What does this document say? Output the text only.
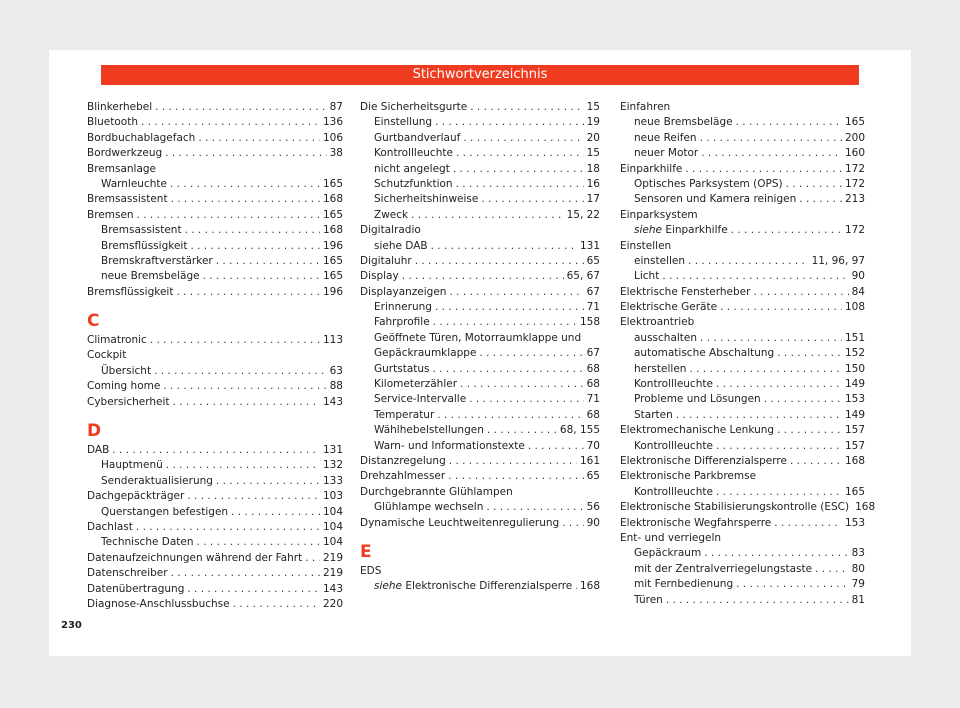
Stichwortverzeichnis
Blinkerhebel . . .	87
Bluetooth . . .	136
Bordbuchablagefach . . .	106
Bordwerkzeug . . .	38
Bremsanlage
Warnleuchte . . .	165
Bremsassistent . . .	168
Bremsen . . .	165
Bremsassistent . . .	168
Bremsflüssigkeit . . .	196
Bremskraftverstärker . . .	165
neue Bremsbeläge . . .	165
Bremsflüssigkeit . . .	196
C
Climatronic . . .	113
Cockpit
Übersicht . . .	63
Coming home . . .	88
Cybersicherheit . . .	143
D
DAB . . .	131
Hauptmenü . . .	132
Senderaktualisierung . . .	133
Dachgepäckträger . . .	103
Querstangen befestigen . . .	104
Dachlast . . .	104
Technische Daten . . .	104
Datenaufzeichnungen während der Fahrt . . . 219
Datenschreiber . . .	219
Datenübertragung . . .	143
Diagnose-Anschlussbuchse . . .	220
Die Sicherheitsgurte . . .	15
Einstellung . . .	19
Gurtbandverlauf . . .	20
Kontrollleuchte . . .	15
nicht angelegt . . .	18
Schutzfunktion . . .	16
Sicherheitshinweise . . .	17
Zweck . . .	15, 22
Digitalradio
siehe DAB . . .	131
Digitaluhr . . .	65
Display . . .	65, 67
Displayanzeigen . . .	67
Erinnerung . . .	71
Fahrprofile . . .	158
Geöffnete Türen, Motorraumklappe und
Gepäckraumklappe . . .	67
Gurtstatus . . .	68
Kilometerzähler . . .	68
Service-Intervalle . . .	71
Temperatur . . .	68
Wählhebelstellungen . . .	68, 155
Warn- und Informationstexte . . .	70
Distanzregelung . . .	161
Drehzahlmesser . . .	65
Durchgebrannte Glühlampen
Glühlampe wechseln . . .	56
Dynamische Leuchtweitenregulierung . . .	90
E
EDS
siehe Elektronische Differenzialsperre . . . 168
Einfahren
neue Bremsbeläge . . .	165
neue Reifen . . .	200
neuer Motor . . .	160
Einparkhilfe . . .	172
Optisches Parksystem (OPS) . . .	172
Sensoren und Kamera reinigen . . .	213
Einparksystem
siehe Einparkhilfe . . .	172
Einstellen
einstellen . . .	11, 96, 97
Licht . . .	90
Elektrische Fensterheber . . .	84
Elektrische Geräte . . .	108
Elektroantrieb
ausschalten . . .	151
automatische Abschaltung . . .	152
herstellen . . .	150
Kontrollleuchte . . .	149
Probleme und Lösungen . . .	153
Starten . . .	149
Elektromechanische Lenkung . . .	157
Kontrollleuchte . . .	157
Elektronische Differenzialsperre . . .	168
Elektronische Parkbremse
Kontrollleuchte . . .	165
Elektronische Stabilisierungskontrolle (ESC) 168
Elektronische Wegfahrsperre . . .	153
Ent- und verriegeln
Gepäckraum . . .	83
mit der Zentralverriegelungstaste . . .	80
mit Fernbedienung . . .	79
Türen . . .	81
230
